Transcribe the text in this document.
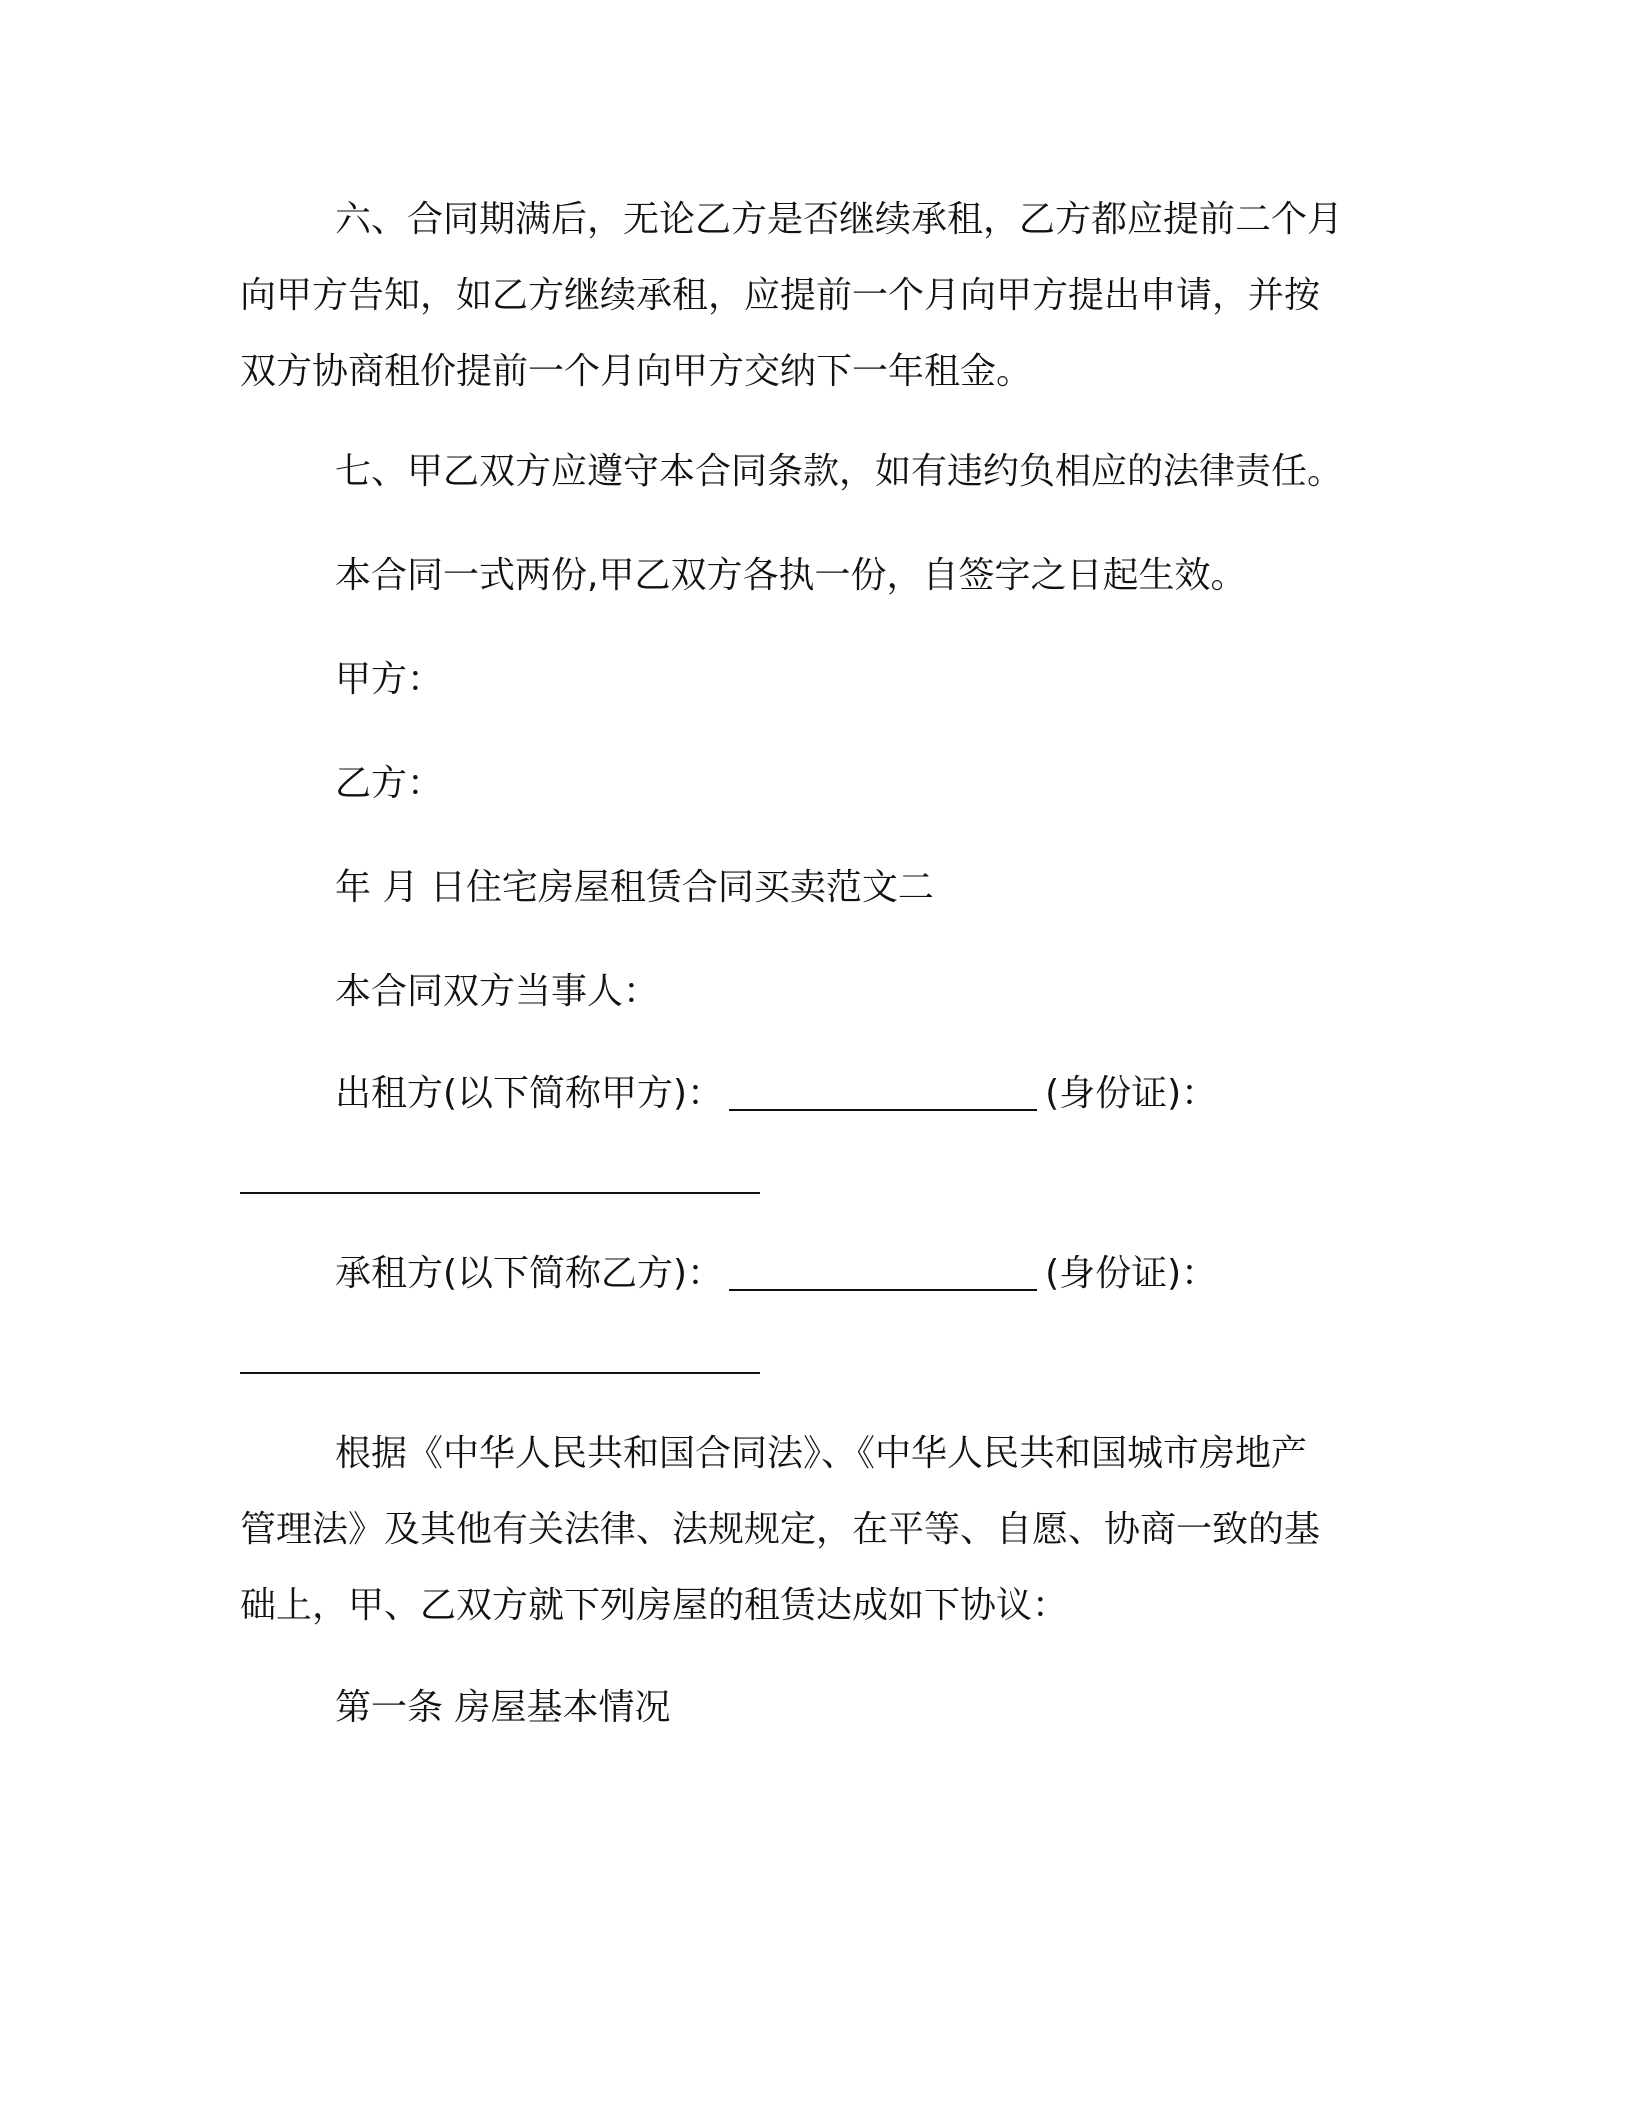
六、合同期满后，无论乙方是否继续承租，乙方都应提前二个月
向甲方告知，如乙方继续承租，应提前一个月向甲方提出申请，并按
双方协商租价提前一个月向甲方交纳下一年租金。
七、甲乙双方应遵守本合同条款，如有违约负相应的法律责任。
本合同一式两份,甲乙双方各执一份，自签字之日起生效。
甲方：
乙方：
年 月 日住宅房屋租赁合同买卖范文二
本合同双方当事人：
出租方(以下简称甲方)：	(身份证)：
承租方(以下简称乙方)：	(身份证)：
根据《中华人民共和国合同法》、《中华人民共和国城市房地产
管理法》及其他有关法律、法规规定，在平等、自愿、协商一致的基
础上，甲、乙双方就下列房屋的租赁达成如下协议：
第一条 房屋基本情况
